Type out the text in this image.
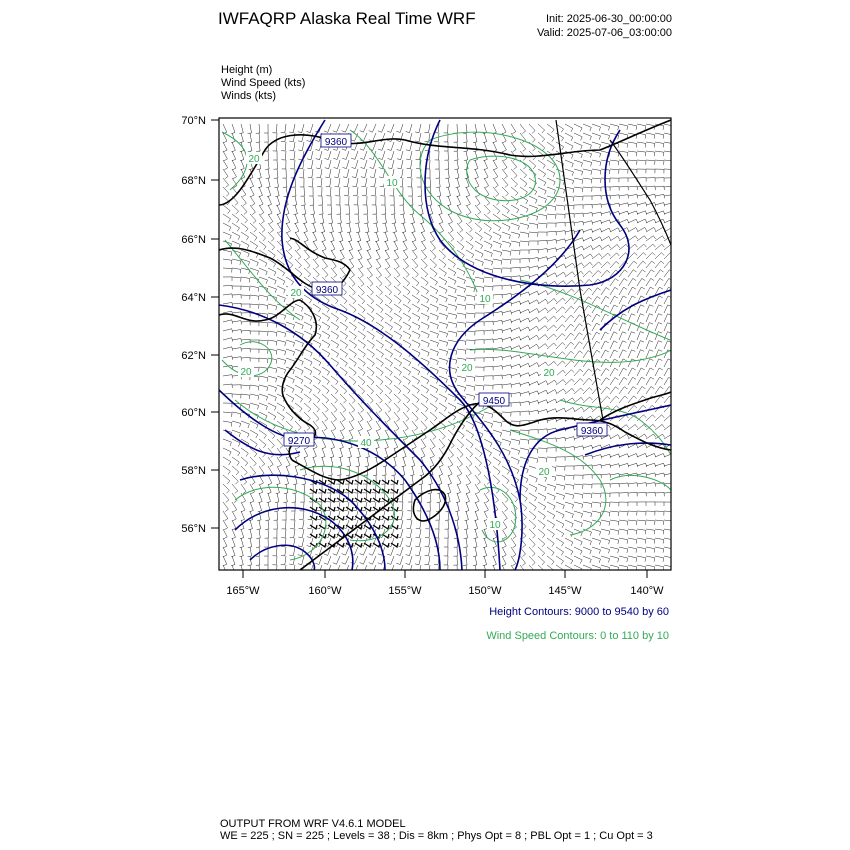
IWFAQRP Alaska Real Time WRF	Init: 2025-06-30_00:00:00
Valid: 2025-07-06_03:00:00
Height (m)
Wind Speed (kts)
Winds (kts)
9360
9360
9270
9450
9360
20
10
20
10
20	20	20
40
20
10
70°N
68°N
66°N
64°N
62°N
60°N
58°N
56°N
165°W	160°W	155°W	150°W	145°W	140°W
Height Contours: 9000 to 9540 by 60
Wind Speed Contours: 0 to 110 by 10
OUTPUT FROM WRF V4.6.1 MODEL
WE = 225 ; SN = 225 ; Levels = 38 ; Dis = 8km ; Phys Opt = 8 ; PBL Opt = 1 ; Cu Opt = 3
